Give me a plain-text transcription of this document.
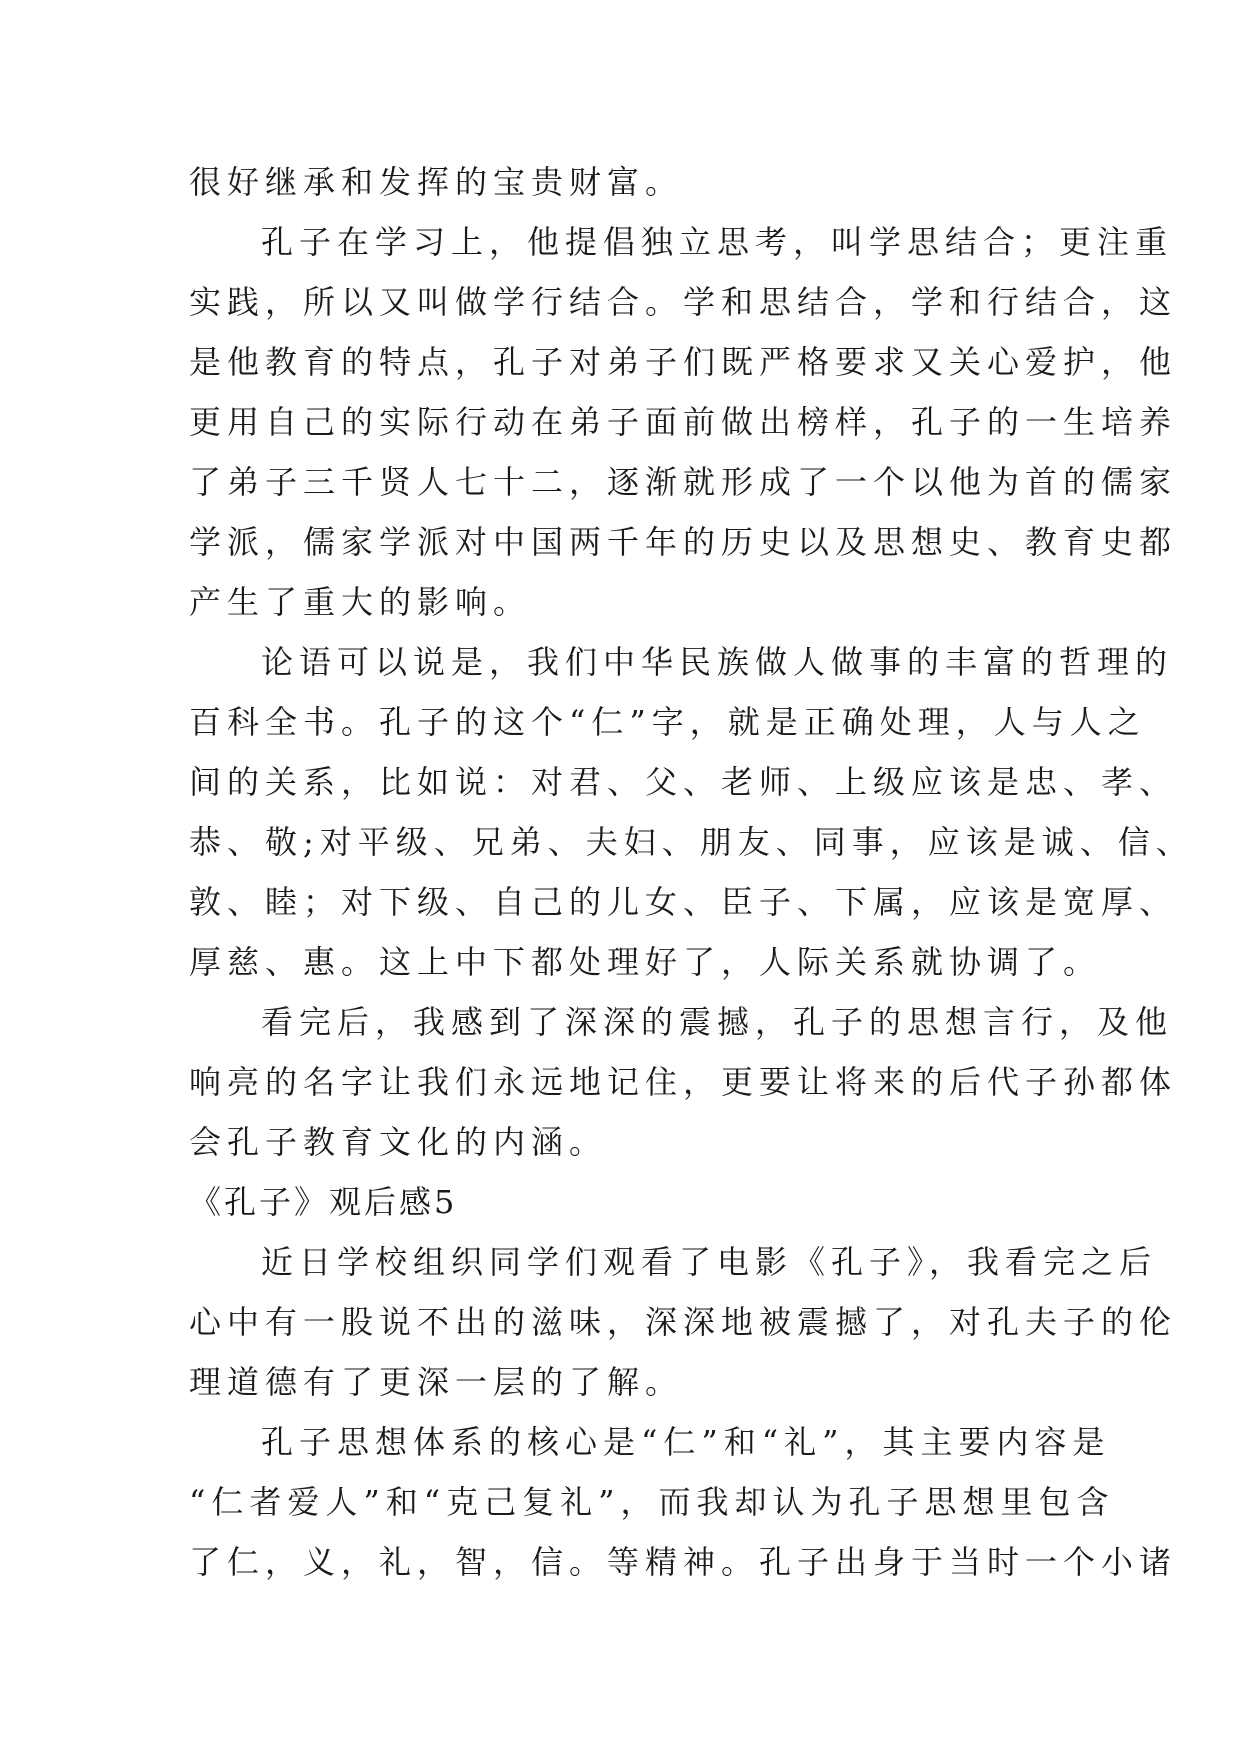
很好继承和发挥的宝贵财富。
孔子在学习上，他提倡独立思考，叫学思结合；更注重
实践，所以又叫做学行结合。学和思结合，学和行结合，这
是他教育的特点，孔子对弟子们既严格要求又关心爱护，他
更用自己的实际行动在弟子面前做出榜样，孔子的一生培养
了弟子三千贤人七十二，逐渐就形成了一个以他为首的儒家
学派，儒家学派对中国两千年的历史以及思想史、教育史都
产生了重大的影响。
论语可以说是，我们中华民族做人做事的丰富的哲理的
百科全书。孔子的这个“仁”字，就是正确处理，人与人之
间的关系，比如说：对君、父、老师、上级应该是忠、孝、
恭、敬;对平级、兄弟、夫妇、朋友、同事，应该是诚、信、
敦、睦；对下级、自己的儿女、臣子、下属，应该是宽厚、
厚慈、惠。这上中下都处理好了，人际关系就协调了。
看完后，我感到了深深的震撼，孔子的思想言行，及他
响亮的名字让我们永远地记住，更要让将来的后代子孙都体
会孔子教育文化的内涵。
《孔子》观后感5
近日学校组织同学们观看了电影《孔子》，我看完之后
心中有一股说不出的滋味，深深地被震撼了，对孔夫子的伦
理道德有了更深一层的了解。
孔子思想体系的核心是“仁”和“礼”，其主要内容是
“仁者爱人”和“克己复礼”，而我却认为孔子思想里包含
了仁，义，礼，智，信。等精神。孔子出身于当时一个小诸
